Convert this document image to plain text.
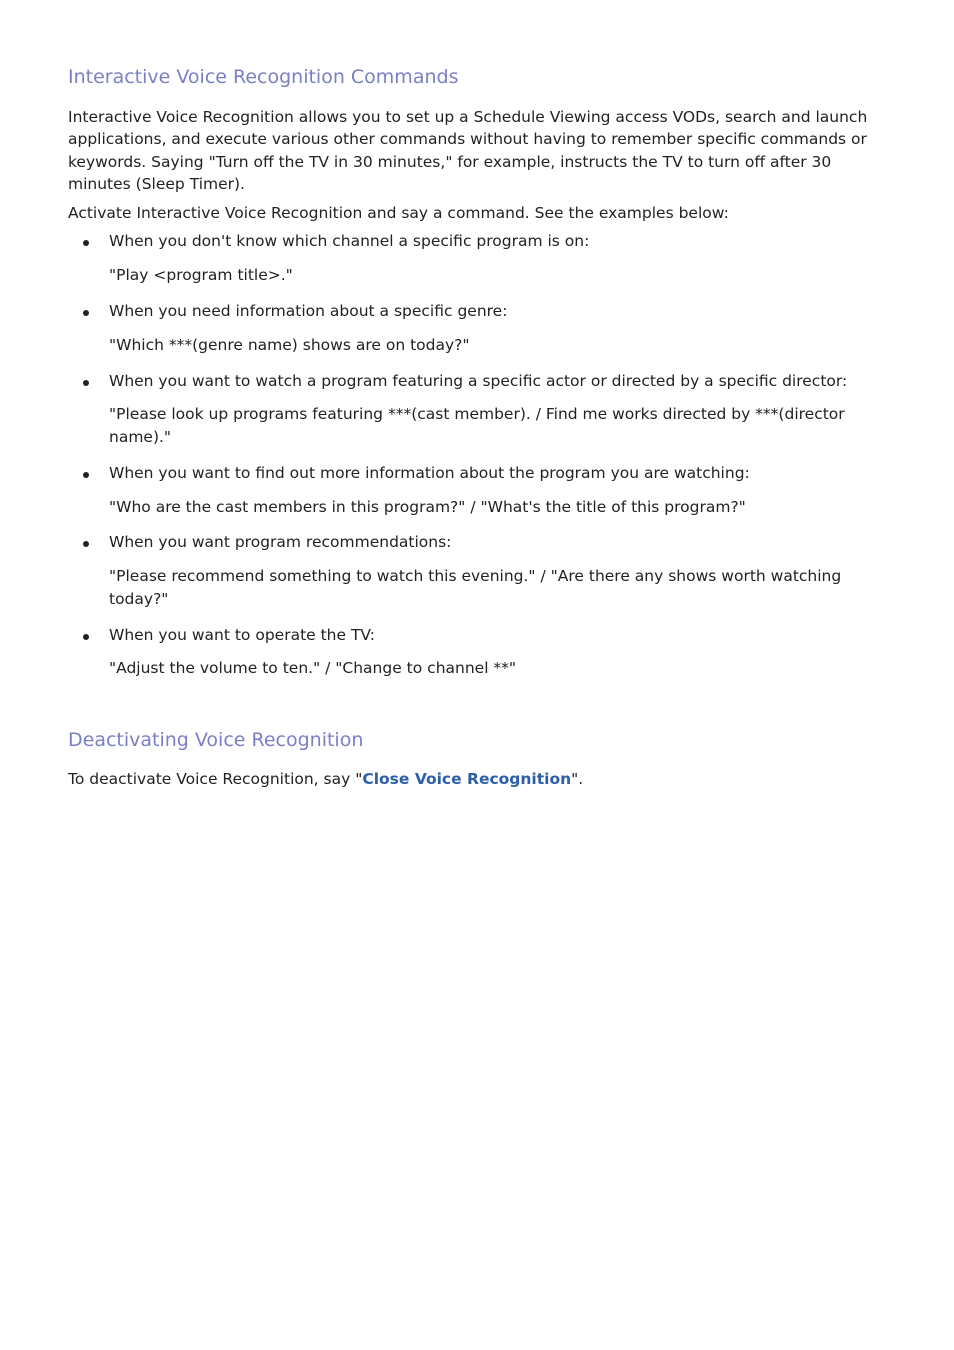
Interactive Voice Recognition Commands

Interactive Voice Recognition allows you to set up a Schedule Viewing access VODs, search and launch applications, and execute various other commands without having to remember specific commands or keywords. Saying "Turn off the TV in 30 minutes," for example, instructs the TV to turn off after 30 minutes (Sleep Timer).

Activate Interactive Voice Recognition and say a command. See the examples below:

When you don't know which channel a specific program is on:
"Play <program title>."
When you need information about a specific genre:
"Which ***(genre name) shows are on today?"
When you want to watch a program featuring a specific actor or directed by a specific director:
"Please look up programs featuring ***(cast member). / Find me works directed by ***(director name)."
When you want to find out more information about the program you are watching:
"Who are the cast members in this program?" / "What's the title of this program?"
When you want program recommendations:
"Please recommend something to watch this evening." / "Are there any shows worth watching today?"
When you want to operate the TV:
"Adjust the volume to ten." / "Change to channel **"
Deactivating Voice Recognition

To deactivate Voice Recognition, say "Close Voice Recognition".
